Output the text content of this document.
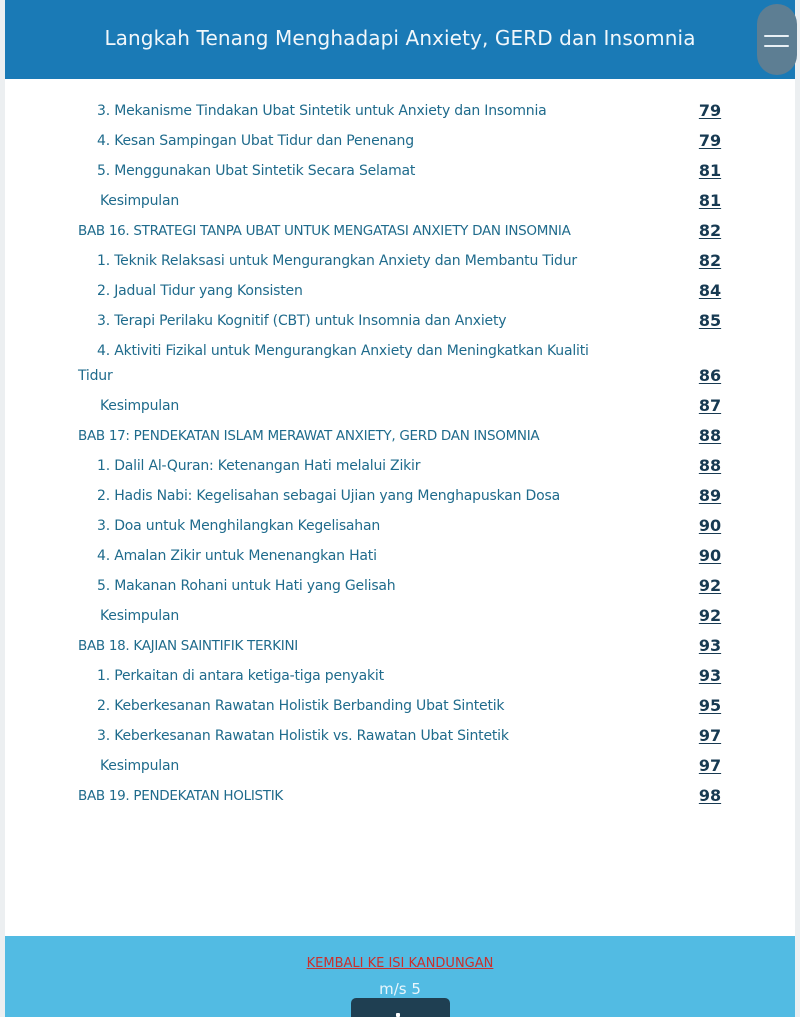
Langkah Tenang Menghadapi Anxiety, GERD dan Insomnia
3. Mekanisme Tindakan Ubat Sintetik untuk Anxiety dan Insomnia	79
4. Kesan Sampingan Ubat Tidur dan Penenang	79
5. Menggunakan Ubat Sintetik Secara Selamat	81
Kesimpulan	81
BAB 16. STRATEGI TANPA UBAT UNTUK MENGATASI ANXIETY DAN INSOMNIA	82
1. Teknik Relaksasi untuk Mengurangkan Anxiety dan Membantu Tidur	82
2. Jadual Tidur yang Konsisten	84
3. Terapi Perilaku Kognitif (CBT) untuk Insomnia dan Anxiety	85
4. Aktiviti Fizikal untuk Mengurangkan Anxiety dan Meningkatkan Kualiti
Tidur	86
Kesimpulan	87
BAB 17: PENDEKATAN ISLAM MERAWAT ANXIETY, GERD DAN INSOMNIA	88
1. Dalil Al-Quran: Ketenangan Hati melalui Zikir	88
2. Hadis Nabi: Kegelisahan sebagai Ujian yang Menghapuskan Dosa	89
3. Doa untuk Menghilangkan Kegelisahan	90
4. Amalan Zikir untuk Menenangkan Hati	90
5. Makanan Rohani untuk Hati yang Gelisah	92
Kesimpulan	92
BAB 18. KAJIAN SAINTIFIK TERKINI	93
1. Perkaitan di antara ketiga-tiga penyakit	93
2. Keberkesanan Rawatan Holistik Berbanding Ubat Sintetik	95
3. Keberkesanan Rawatan Holistik vs. Rawatan Ubat Sintetik	97
Kesimpulan	97
BAB 19. PENDEKATAN HOLISTIK	98
KEMBALI KE ISI KANDUNGAN
m/s 5
